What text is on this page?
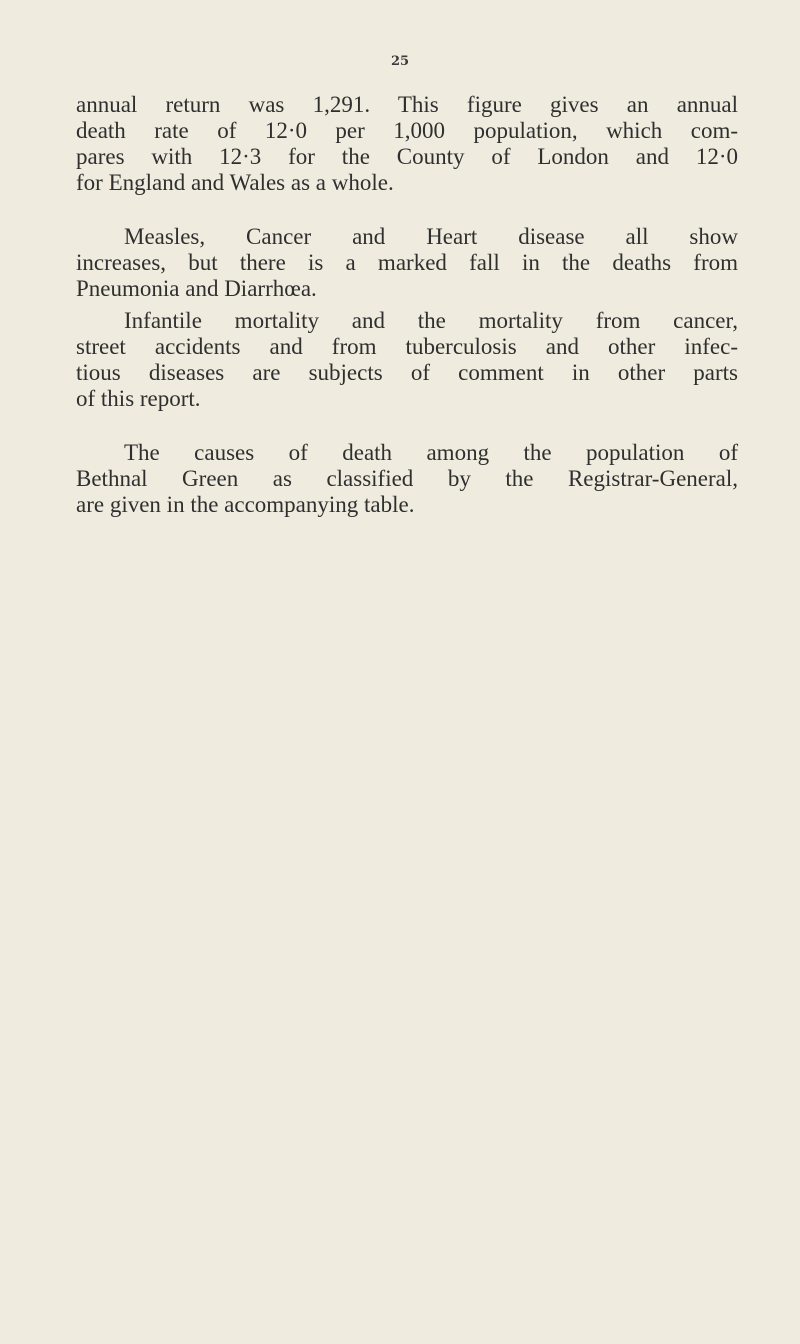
25
annual return was 1,291. This figure gives an annual
death rate of 12·0 per 1,000 population, which com-
pares with 12·3 for the County of London and 12·0
for England and Wales as a whole.
Measles, Cancer and Heart disease all show
increases, but there is a marked fall in the deaths from
Pneumonia and Diarrhœa.
Infantile mortality and the mortality from cancer,
street accidents and from tuberculosis and other infec-
tious diseases are subjects of comment in other parts
of this report.
The causes of death among the population of
Bethnal Green as classified by the Registrar-General,
are given in the accompanying table.
